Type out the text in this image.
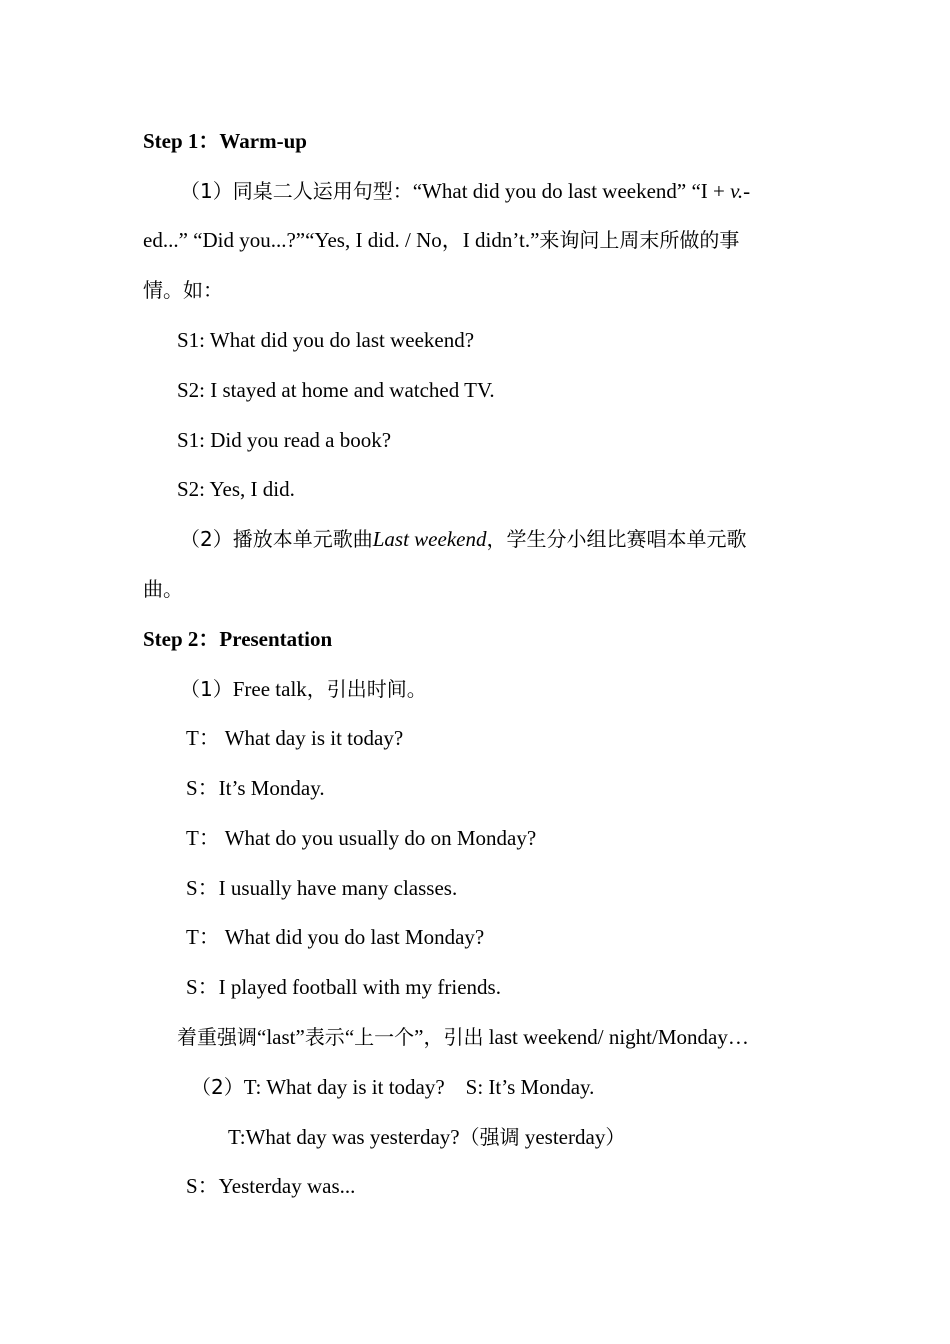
Step 1：Warm-up
（1）同桌二人运用句型：“What did you do last weekend” “I + v.-
ed...” “Did you...?”“Yes, I did. / No，I didn’t.”来询问上周末所做的事
情。如：
S1: What did you do last weekend?
S2: I stayed at home and watched TV.
S1: Did you read a book?
S2: Yes, I did.
（2）播放本单元歌曲Last weekend，学生分小组比赛唱本单元歌
曲。
Step 2：Presentation
（1）Free talk，引出时间。
T： What day is it today?
S：It’s Monday.
T： What do you usually do on Monday?
S：I usually have many classes.
T： What did you do last Monday?
S：I played football with my friends.
着重强调“last”表示“上一个”，引出 last weekend/ night/Monday…
（2）T: What day is it today?    S: It’s Monday.
T:What day was yesterday?（强调 yesterday）
S：Yesterday was...
